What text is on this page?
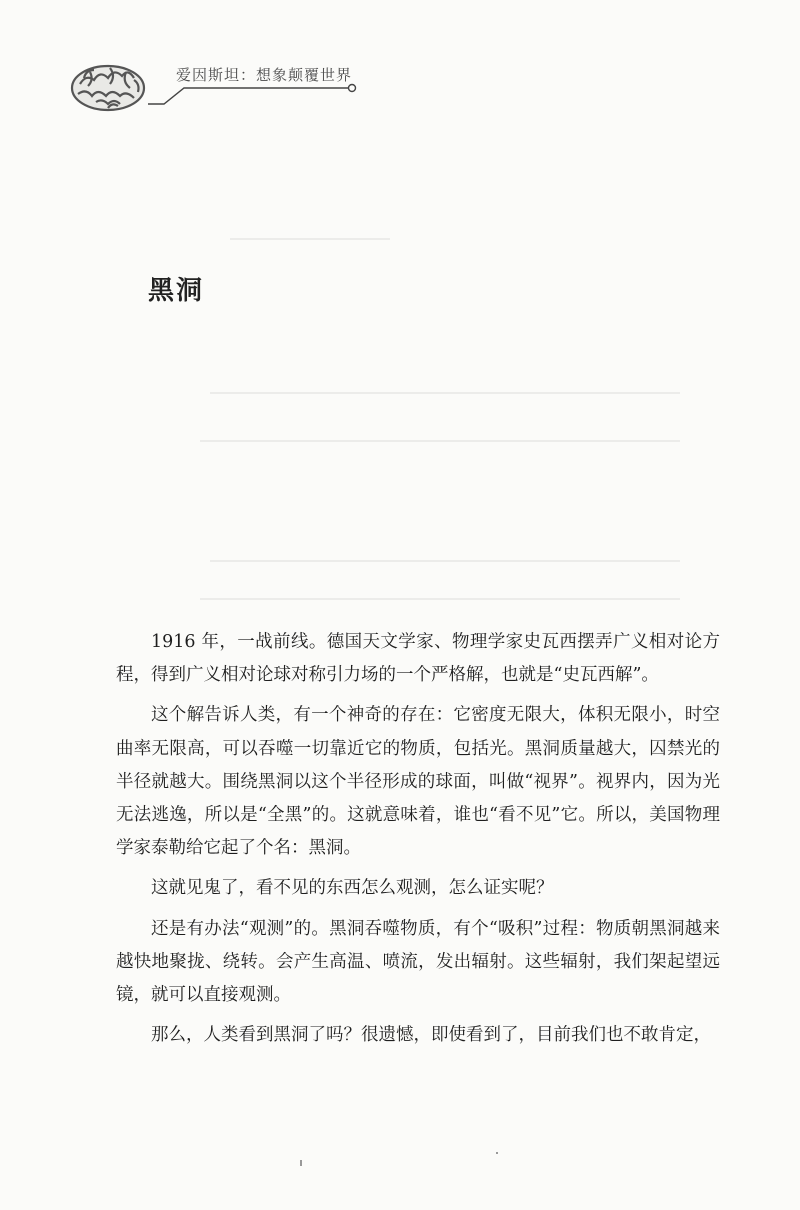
爱因斯坦：想象颠覆世界
黑洞

1916 年，一战前线。德国天文学家、物理学家史瓦西摆弄广义相对论方程，得到广义相对论球对称引力场的一个严格解，也就是“史瓦西解”。

这个解告诉人类，有一个神奇的存在：它密度无限大，体积无限小，时空曲率无限高，可以吞噬一切靠近它的物质，包括光。黑洞质量越大，囚禁光的半径就越大。围绕黑洞以这个半径形成的球面，叫做“视界”。视界内，因为光无法逃逸，所以是“全黑”的。这就意味着，谁也“看不见”它。所以，美国物理学家泰勒给它起了个名：黑洞。

这就见鬼了，看不见的东西怎么观测，怎么证实呢？

还是有办法“观测”的。黑洞吞噬物质，有个“吸积”过程：物质朝黑洞越来越快地聚拢、绕转。会产生高温、喷流，发出辐射。这些辐射，我们架起望远镜，就可以直接观测。

那么，人类看到黑洞了吗？很遗憾，即使看到了，目前我们也不敢肯定，
